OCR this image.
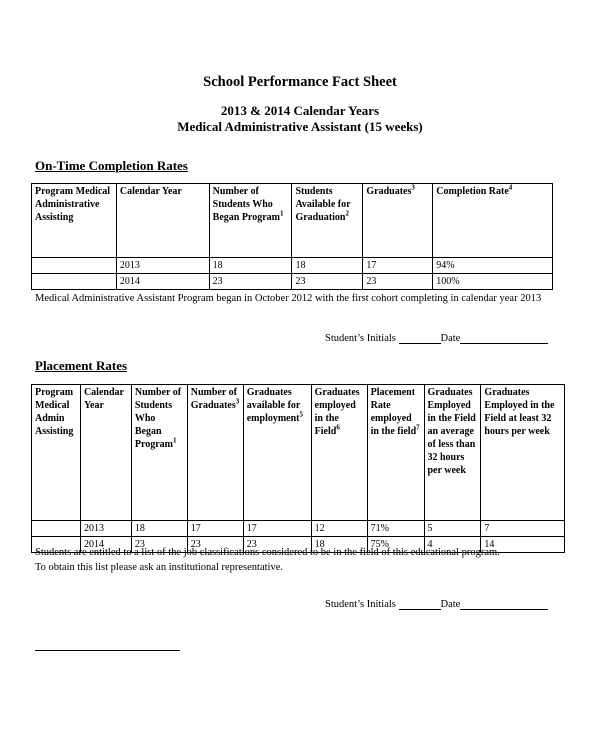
School Performance Fact Sheet
2013 & 2014 Calendar Years
Medical Administrative Assistant (15 weeks)
On-Time Completion Rates
Program Medical Administrative Assisting	Calendar Year	Number of Students Who Began Program$^1$	Students Available for Graduation$^2$	Graduates$^3$	Completion Rate$^4$
	2013	18	18	17	94%
	2014	23	23	23	100%
Medical Administrative Assistant Program began in October 2012 with the first cohort completing in calendar year 2013
Student’s Initials	Date
Placement Rates
Program Medical Admin Assisting	Calendar Year	Number of Students Who Began Program$^1$	Number of Graduates$^3$	Graduates available for employment$^5$	Graduates employed in the Field$^6$	Placement Rate employed in the field$^7$	Graduates Employed in the Field an average of less than 32 hours per week	Graduates Employed in the Field at least 32 hours per week
	2013	18	17	17	12	71%	5	7
	2014	23	23	23	18	75%	4	14
Students are entitled to a list of the job classifications considered to be in the field of this educational program.
To obtain this list please ask an institutional representative.
Student’s Initials	Date
